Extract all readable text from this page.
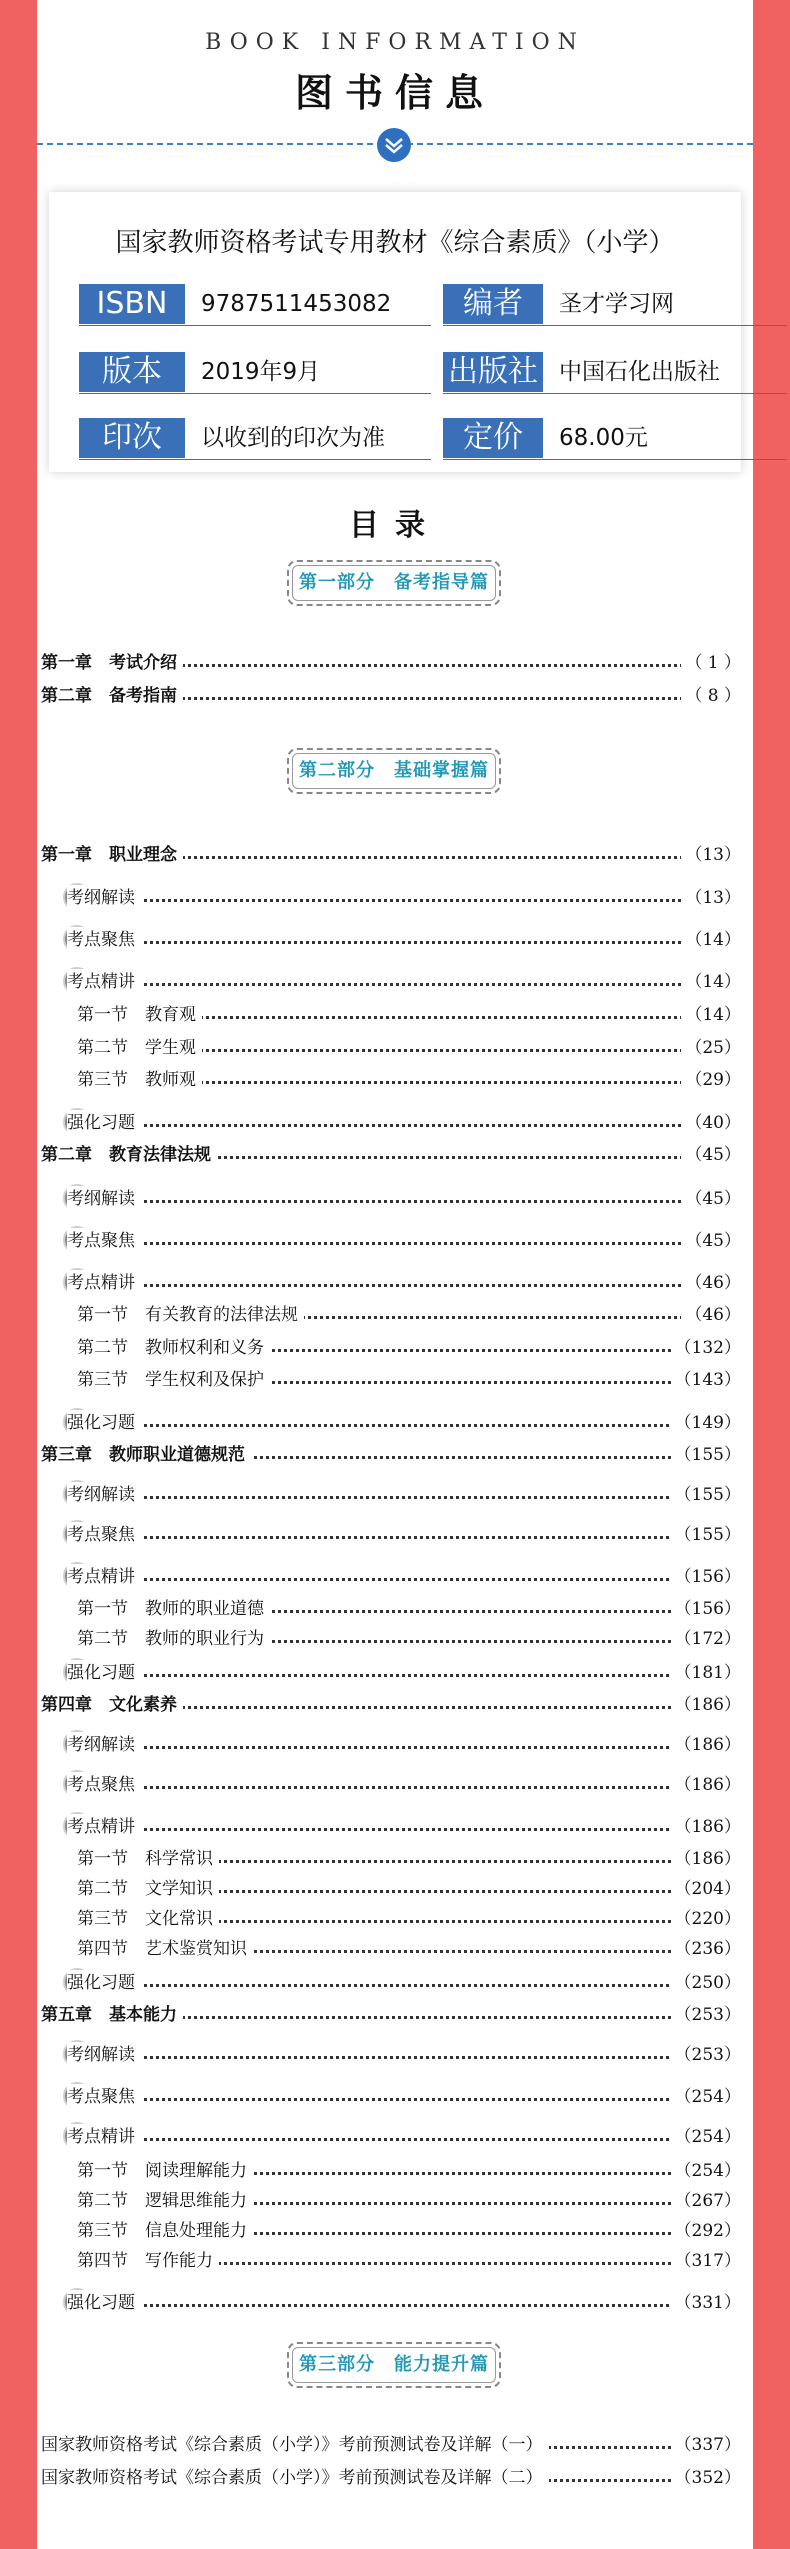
BOOK INFORMATION
图书信息
国家教师资格考试专用教材《综合素质》（小学）
ISBN	9787511453082	编者	圣才学习网
版本	2019年9月	出版社 中国石化出版社
印次	以收到的印次为准	定价	68.00元
目录
第一部分　备考指导篇
第二部分　基础掌握篇
第三部分　能力提升篇
第一章　考试介绍	（ 1 ）
第二章　备考指南	（ 8 ）
第一章　职业理念	（13）
考纲解读	（13）
考点聚焦	（14）
考点精讲	（14）
第一节　教育观	（14）
第二节　学生观	（25）
第三节　教师观	（29）
强化习题	（40）
第二章　教育法律法规	（45）
考纲解读	（45）
考点聚焦	（45）
考点精讲	（46）
第一节　有关教育的法律法规	（46）
第二节　教师权利和义务	（132）
第三节　学生权利及保护	（143）
强化习题	（149）
第三章　教师职业道德规范	（155）
考纲解读	（155）
考点聚焦	（155）
考点精讲	（156）
第一节　教师的职业道德	（156）
第二节　教师的职业行为	（172）
强化习题	（181）
第四章　文化素养	（186）
考纲解读	（186）
考点聚焦	（186）
考点精讲	（186）
第一节　科学常识	（186）
第二节　文学知识	（204）
第三节　文化常识	（220）
第四节　艺术鉴赏知识	（236）
强化习题	（250）
第五章　基本能力	（253）
考纲解读	（253）
考点聚焦	（254）
考点精讲	（254）
第一节　阅读理解能力	（254）
第二节　逻辑思维能力	（267）
第三节　信息处理能力	（292）
第四节　写作能力	（317）
强化习题	（331）
国家教师资格考试《综合素质（小学）》考前预测试卷及详解（一）	（337）
国家教师资格考试《综合素质（小学）》考前预测试卷及详解（二）	（352）
